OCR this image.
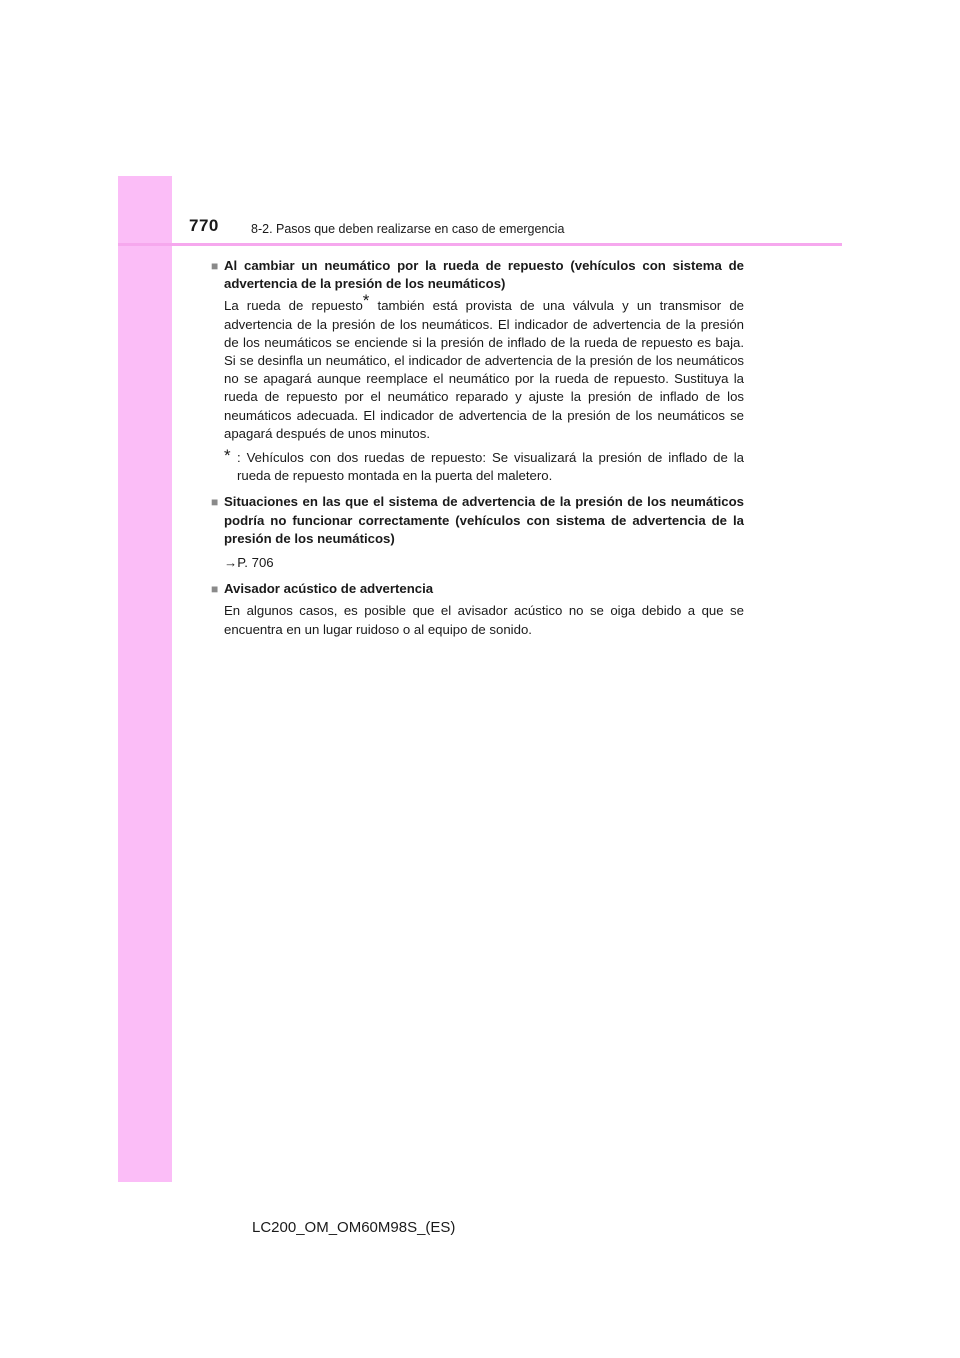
770	8-2. Pasos que deben realizarse en caso de emergencia
■ Al cambiar un neumático por la rueda de repuesto (vehículos con sistema de advertencia de la presión de los neumáticos)
La rueda de repuesto* también está provista de una válvula y un transmisor de advertencia de la presión de los neumáticos. El indicador de advertencia de la presión de los neumáticos se enciende si la presión de inflado de la rueda de repuesto es baja. Si se desinfla un neumático, el indicador de advertencia de la presión de los neumáticos no se apagará aunque reemplace el neumático por la rueda de repuesto. Sustituya la rueda de repuesto por el neumático reparado y ajuste la presión de inflado de los neumáticos adecuada. El indicador de advertencia de la presión de los neumáticos se apagará después de unos minutos.
* : Vehículos con dos ruedas de repuesto: Se visualizará la presión de inflado de la rueda de repuesto montada en la puerta del maletero.
■ Situaciones en las que el sistema de advertencia de la presión de los neumáticos podría no funcionar correctamente (vehículos con sistema de advertencia de la presión de los neumáticos)
→P. 706
■ Avisador acústico de advertencia
En algunos casos, es posible que el avisador acústico no se oiga debido a que se encuentra en un lugar ruidoso o al equipo de sonido.
LC200_OM_OM60M98S_(ES)
